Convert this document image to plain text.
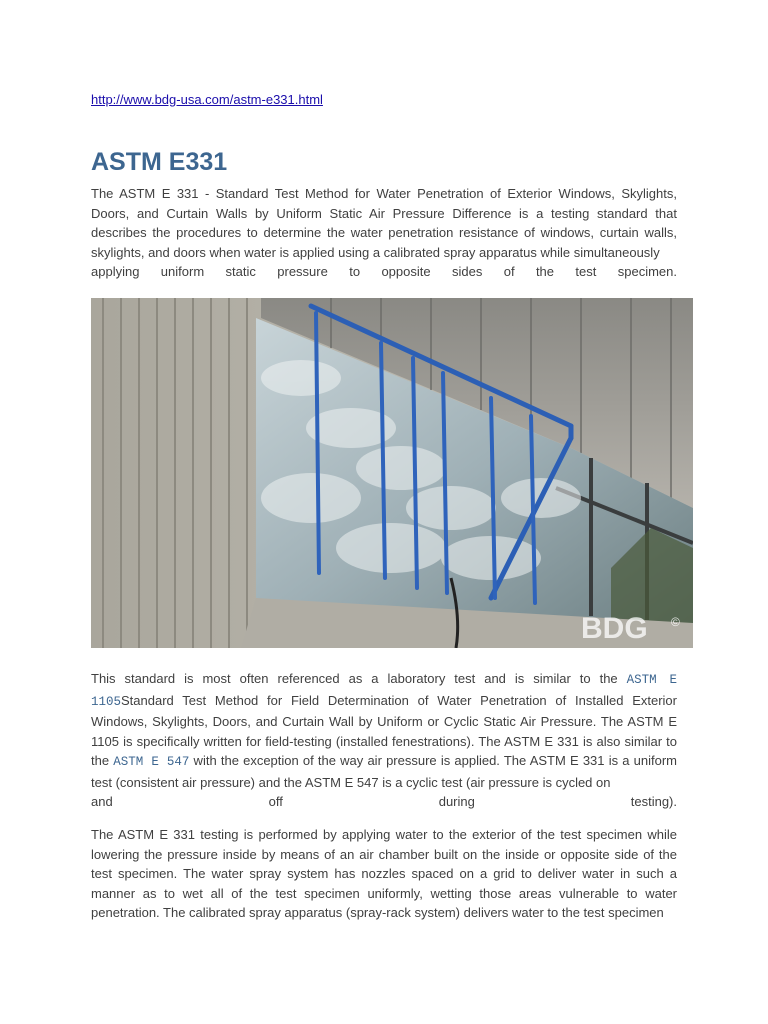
http://www.bdg-usa.com/astm-e331.html
ASTM E331

The ASTM E 331 - Standard Test Method for Water Penetration of Exterior Windows, Skylights, Doors, and Curtain Walls by Uniform Static Air Pressure Difference is a testing standard that describes the procedures to determine the water penetration resistance of windows, curtain walls, skylights, and doors when water is applied using a calibrated spray apparatus while simultaneously
applying uniform static pressure to opposite sides of the test specimen.

BDG ©

This standard is most often referenced as a laboratory test and is similar to the ASTM E 1105Standard Test Method for Field Determination of Water Penetration of Installed Exterior Windows, Skylights, Doors, and Curtain Wall by Uniform or Cyclic Static Air Pressure. The ASTM E 1105 is specifically written for field-testing (installed fenestrations). The ASTM E 331 is also similar to the ASTM E 547 with the exception of the way air pressure is applied. The ASTM E 331 is a uniform test (consistent air pressure) and the ASTM E 547 is a cyclic test (air pressure is cycled on
and off during testing).

The ASTM E 331 testing is performed by applying water to the exterior of the test specimen while lowering the pressure inside by means of an air chamber built on the inside or opposite side of the test specimen. The water spray system has nozzles spaced on a grid to deliver water in such a manner as to wet all of the test specimen uniformly, wetting those areas vulnerable to water penetration. The calibrated spray apparatus (spray-rack system) delivers water to the test specimen
